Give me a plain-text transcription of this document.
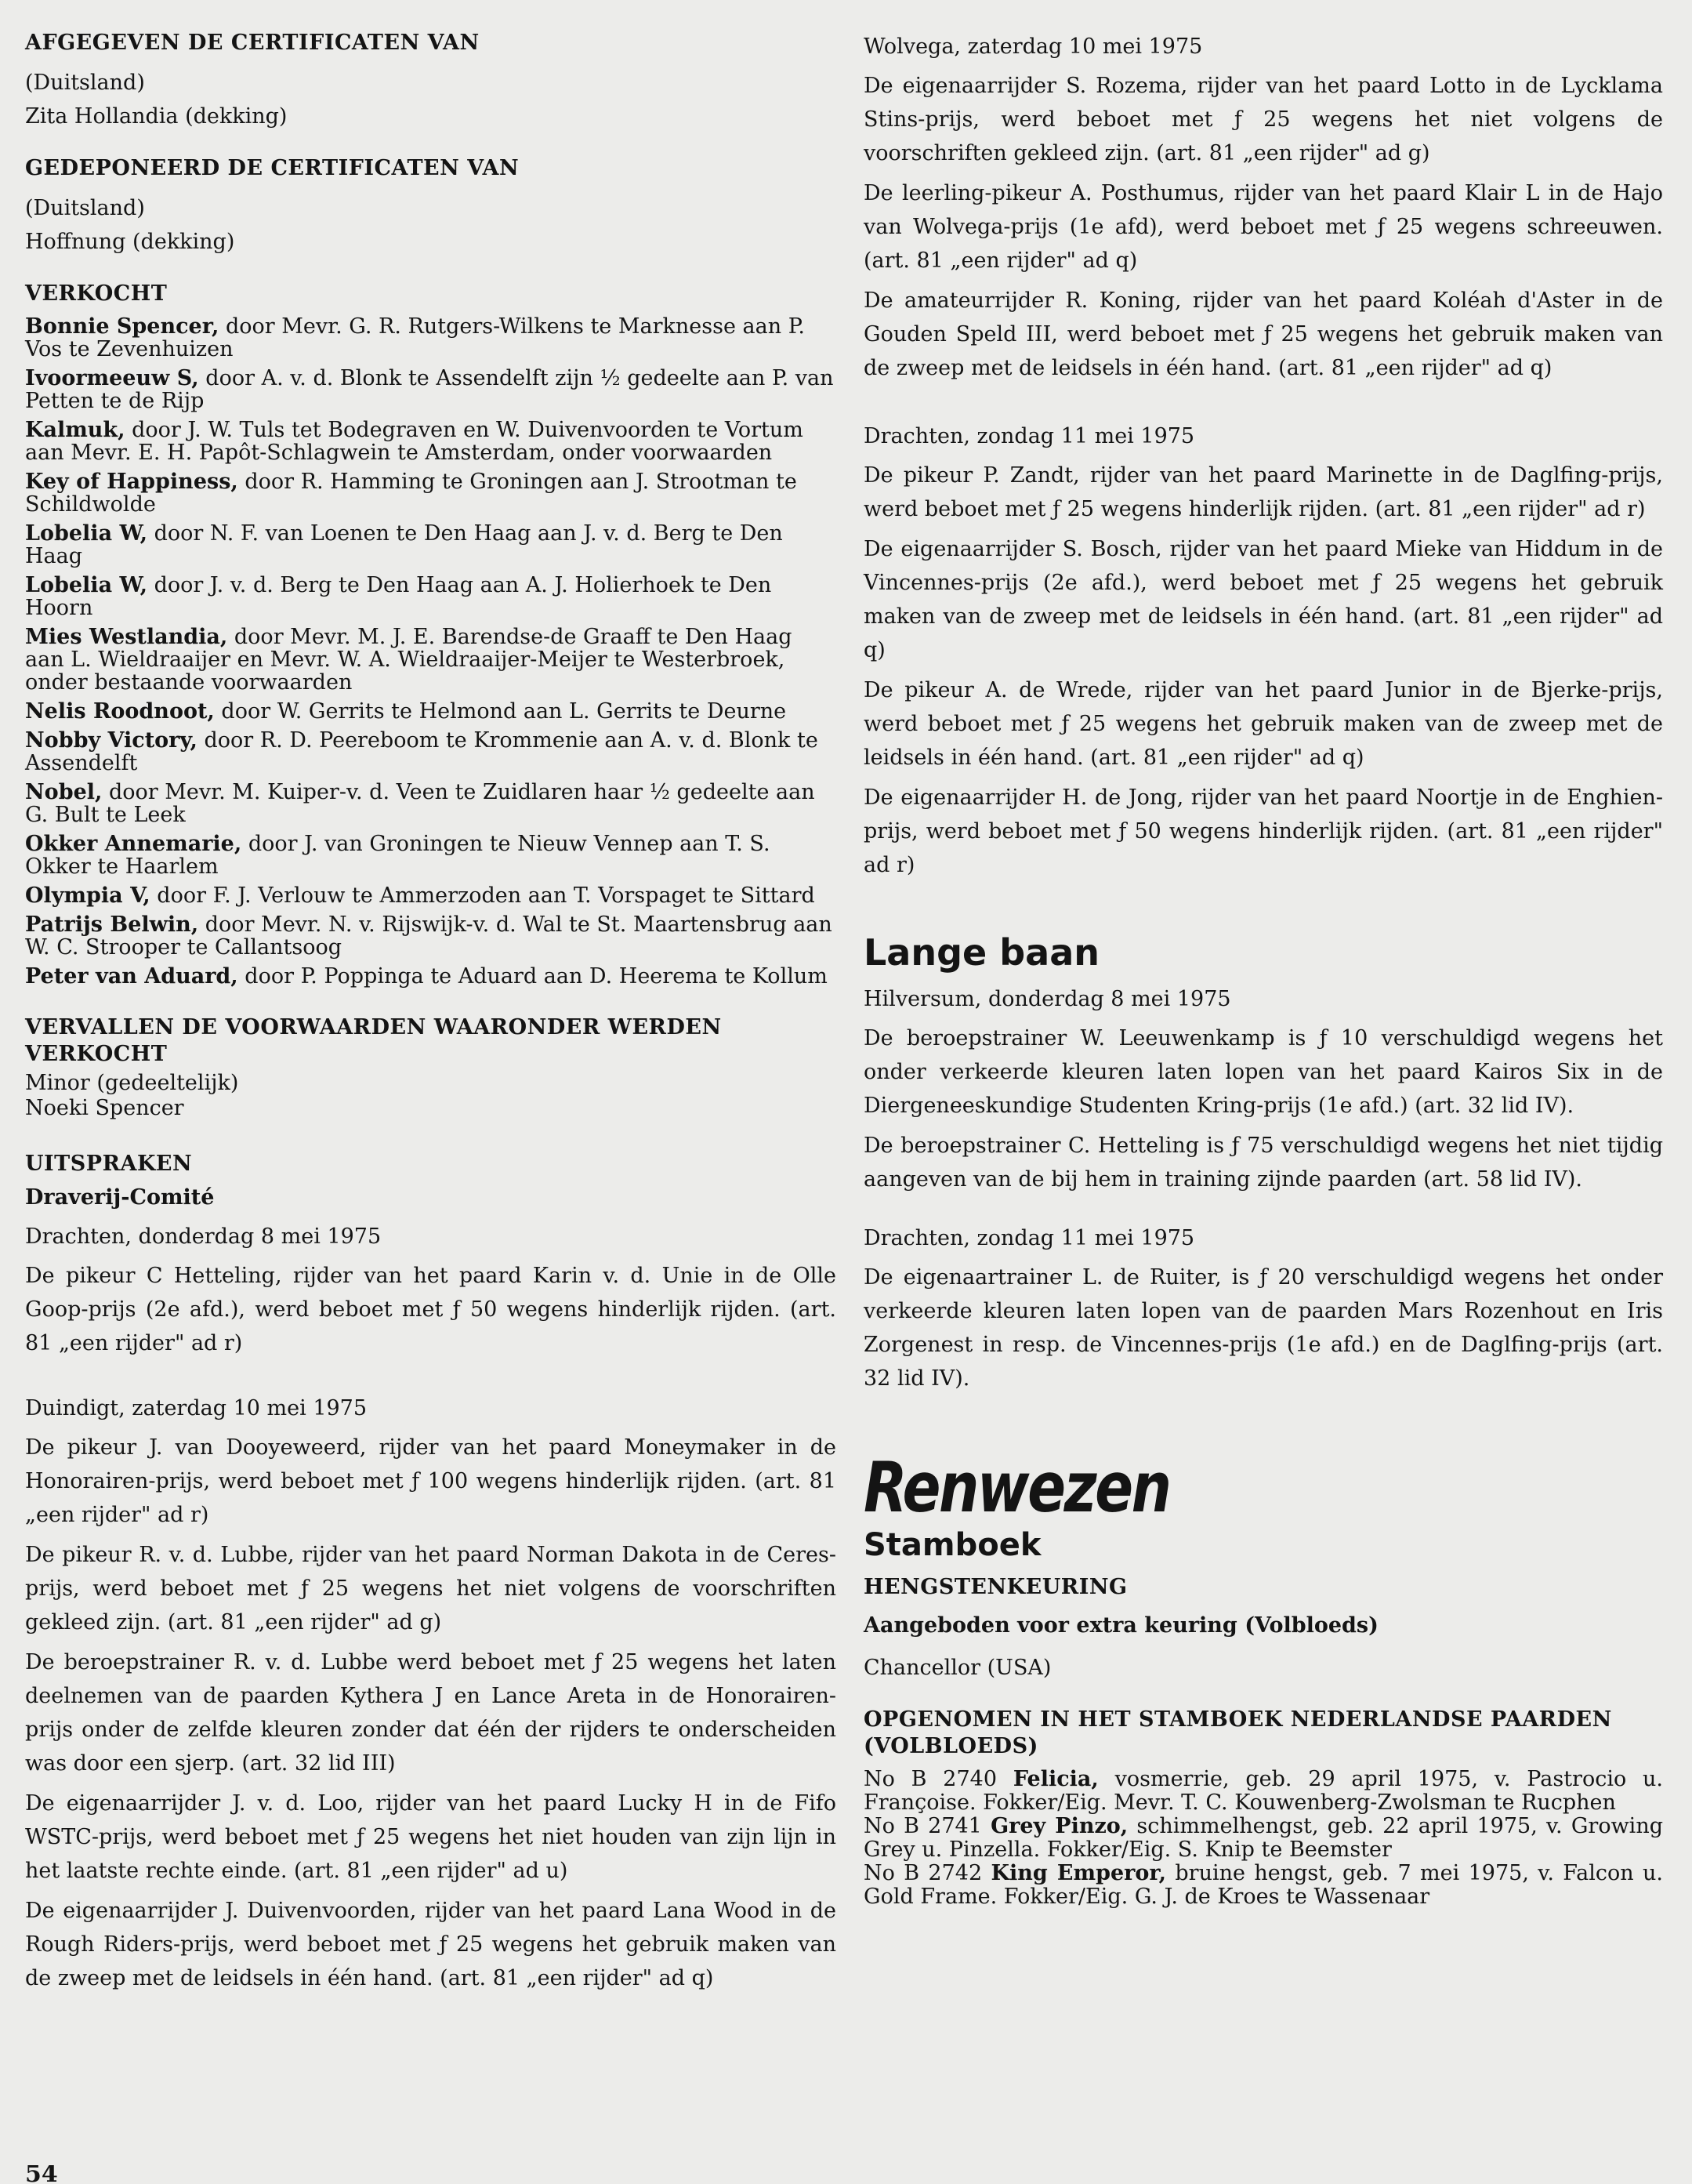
AFGEGEVEN DE CERTIFICATEN VAN

(Duitsland)

Zita Hollandia (dekking)

GEDEPONEERD DE CERTIFICATEN VAN

(Duitsland)

Hoffnung (dekking)

VERKOCHT

Bonnie Spencer, door Mevr. G. R. Rutgers-Wilkens te Marknesse aan P. Vos te Zevenhuizen

Ivoormeeuw S, door A. v. d. Blonk te Assendelft zijn ½ gedeelte aan P. van Petten te de Rijp

Kalmuk, door J. W. Tuls tet Bodegraven en W. Duivenvoorden te Vortum aan Mevr. E. H. Papôt-Schlagwein te Amsterdam, onder voorwaarden

Key of Happiness, door R. Hamming te Groningen aan J. Strootman te Schildwolde

Lobelia W, door N. F. van Loenen te Den Haag aan J. v. d. Berg te Den Haag

Lobelia W, door J. v. d. Berg te Den Haag aan A. J. Holierhoek te Den Hoorn

Mies Westlandia, door Mevr. M. J. E. Barendse-de Graaff te Den Haag aan L. Wieldraaijer en Mevr. W. A. Wieldraaijer-Meijer te Westerbroek, onder bestaande voorwaarden

Nelis Roodnoot, door W. Gerrits te Helmond aan L. Gerrits te Deurne

Nobby Victory, door R. D. Peereboom te Krommenie aan A. v. d. Blonk te Assendelft

Nobel, door Mevr. M. Kuiper-v. d. Veen te Zuidlaren haar ½ gedeelte aan G. Bult te Leek

Okker Annemarie, door J. van Groningen te Nieuw Vennep aan T. S. Okker te Haarlem

Olympia V, door F. J. Verlouw te Ammerzoden aan T. Vorspaget te Sittard

Patrijs Belwin, door Mevr. N. v. Rijswijk-v. d. Wal te St. Maartensbrug aan W. C. Strooper te Callantsoog

Peter van Aduard, door P. Poppinga te Aduard aan D. Heerema te Kollum

VERVALLEN DE VOORWAARDEN WAARONDER WERDEN VERKOCHT

Minor (gedeeltelijk)

Noeki Spencer

UITSPRAKEN

Draverij-Comité

Drachten, donderdag 8 mei 1975

De pikeur C Hetteling, rijder van het paard Karin v. d. Unie in de Olle Goop-prijs (2e afd.), werd beboet met ƒ 50 wegens hinderlijk rijden. (art. 81 „een rijder" ad r)

Duindigt, zaterdag 10 mei 1975

De pikeur J. van Dooyeweerd, rijder van het paard Moneymaker in de Honorairen-prijs, werd beboet met ƒ 100 wegens hinderlijk rijden. (art. 81 „een rijder" ad r)

De pikeur R. v. d. Lubbe, rijder van het paard Norman Dakota in de Ceres-prijs, werd beboet met ƒ 25 wegens het niet volgens de voorschriften gekleed zijn. (art. 81 „een rijder" ad g)

De beroepstrainer R. v. d. Lubbe werd beboet met ƒ 25 wegens het laten deelnemen van de paarden Kythera J en Lance Areta in de Honorairen-prijs onder de zelfde kleuren zonder dat één der rijders te onderscheiden was door een sjerp. (art. 32 lid III)

De eigenaarrijder J. v. d. Loo, rijder van het paard Lucky H in de Fifo WSTC-prijs, werd beboet met ƒ 25 wegens het niet houden van zijn lijn in het laatste rechte einde. (art. 81 „een rijder" ad u)

De eigenaarrijder J. Duivenvoorden, rijder van het paard Lana Wood in de Rough Riders-prijs, werd beboet met ƒ 25 wegens het gebruik maken van de zweep met de leidsels in één hand. (art. 81 „een rijder" ad q)

Wolvega, zaterdag 10 mei 1975

De eigenaarrijder S. Rozema, rijder van het paard Lotto in de Lycklama Stins-prijs, werd beboet met ƒ 25 wegens het niet volgens de voorschriften gekleed zijn. (art. 81 „een rijder" ad g)

De leerling-pikeur A. Posthumus, rijder van het paard Klair L in de Hajo van Wolvega-prijs (1e afd), werd beboet met ƒ 25 wegens schreeuwen. (art. 81 „een rijder" ad q)

De amateurrijder R. Koning, rijder van het paard Koléah d'Aster in de Gouden Speld III, werd beboet met ƒ 25 wegens het gebruik maken van de zweep met de leidsels in één hand. (art. 81 „een rijder" ad q)

Drachten, zondag 11 mei 1975

De pikeur P. Zandt, rijder van het paard Marinette in de Daglfing-prijs, werd beboet met ƒ 25 wegens hinderlijk rijden. (art. 81 „een rijder" ad r)

De eigenaarrijder S. Bosch, rijder van het paard Mieke van Hiddum in de Vincennes-prijs (2e afd.), werd beboet met ƒ 25 wegens het gebruik maken van de zweep met de leidsels in één hand. (art. 81 „een rijder" ad q)

De pikeur A. de Wrede, rijder van het paard Junior in de Bjerke-prijs, werd beboet met ƒ 25 wegens het gebruik maken van de zweep met de leidsels in één hand. (art. 81 „een rijder" ad q)

De eigenaarrijder H. de Jong, rijder van het paard Noortje in de Enghien-prijs, werd beboet met ƒ 50 wegens hinderlijk rijden. (art. 81 „een rijder" ad r)

Lange baan

Hilversum, donderdag 8 mei 1975

De beroepstrainer W. Leeuwenkamp is ƒ 10 verschuldigd wegens het onder verkeerde kleuren laten lopen van het paard Kairos Six in de Diergeneeskundige Studenten Kring-prijs (1e afd.) (art. 32 lid IV).

De beroepstrainer C. Hetteling is ƒ 75 verschuldigd wegens het niet tijdig aangeven van de bij hem in training zijnde paarden (art. 58 lid IV).

Drachten, zondag 11 mei 1975

De eigenaartrainer L. de Ruiter, is ƒ 20 verschuldigd wegens het onder verkeerde kleuren laten lopen van de paarden Mars Rozenhout en Iris Zorgenest in resp. de Vincennes-prijs (1e afd.) en de Daglfing-prijs (art. 32 lid IV).

Renwezen

Stamboek

HENGSTENKEURING

Aangeboden voor extra keuring (Volbloeds)

Chancellor (USA)

OPGENOMEN IN HET STAMBOEK NEDERLANDSE PAARDEN (VOLBLOEDS)

No B 2740 Felicia, vosmerrie, geb. 29 april 1975, v. Pastrocio u. Françoise. Fokker/Eig. Mevr. T. C. Kouwenberg-Zwolsman te Rucphen

No B 2741 Grey Pinzo, schimmelhengst, geb. 22 april 1975, v. Growing Grey u. Pinzella. Fokker/Eig. S. Knip te Beemster

No B 2742 King Emperor, bruine hengst, geb. 7 mei 1975, v. Falcon u. Gold Frame. Fokker/Eig. G. J. de Kroes te Wassenaar

54
